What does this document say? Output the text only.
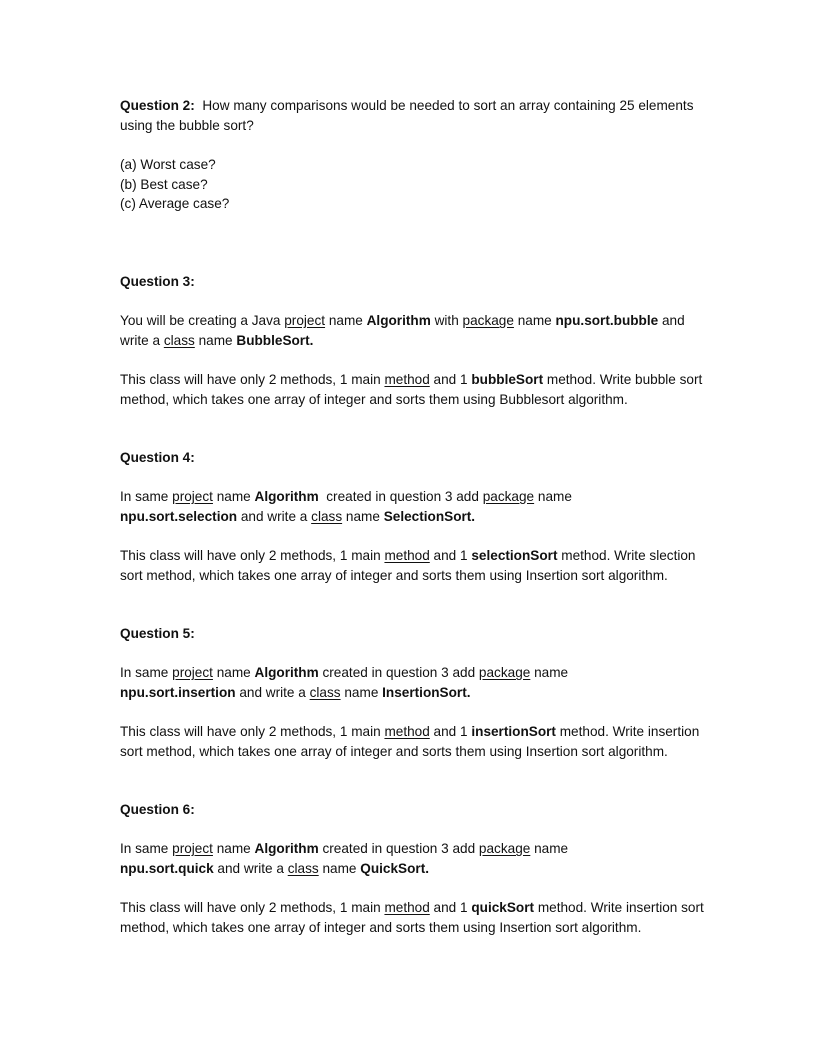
Question 2: How many comparisons would be needed to sort an array containing 25 elements using the bubble sort?

(a) Worst case?
(b) Best case?
(c) Average case?

Question 3:

You will be creating a Java project name Algorithm with package name npu.sort.bubble and write a class name BubbleSort.

This class will have only 2 methods, 1 main method and 1 bubbleSort method. Write bubble sort method, which takes one array of integer and sorts them using Bubblesort algorithm.

Question 4:

In same project name Algorithm  created in question 3 add package name
npu.sort.selection and write a class name SelectionSort.

This class will have only 2 methods, 1 main method and 1 selectionSort method. Write slection sort method, which takes one array of integer and sorts them using Insertion sort algorithm.

Question 5:

In same project name Algorithm created in question 3 add package name
npu.sort.insertion and write a class name InsertionSort.

This class will have only 2 methods, 1 main method and 1 insertionSort method. Write insertion sort method, which takes one array of integer and sorts them using Insertion sort algorithm.

Question 6:

In same project name Algorithm created in question 3 add package name
npu.sort.quick and write a class name QuickSort.

This class will have only 2 methods, 1 main method and 1 quickSort method. Write insertion sort method, which takes one array of integer and sorts them using Insertion sort algorithm.
